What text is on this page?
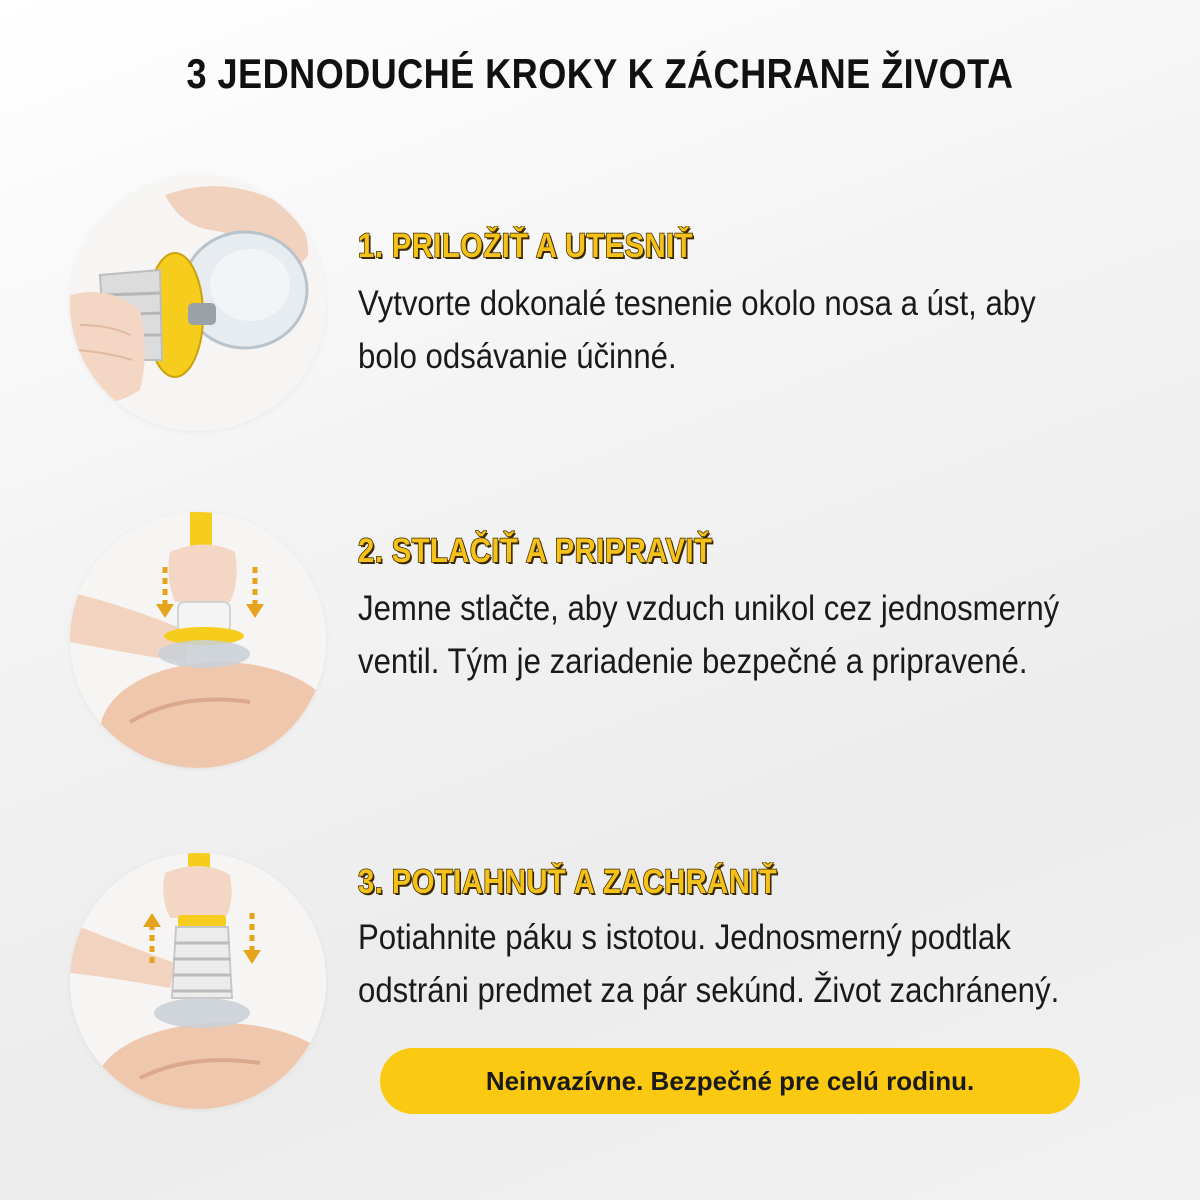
3 JEDNODUCHÉ KROKY K ZÁCHRANE ŽIVOTA
1. PRILOŽIŤ A UTESNIŤ

Vytvorte dokonalé tesnenie okolo nosa a úst, aby bolo odsávanie účinné.

2. STLAČIŤ A PRIPRAVIŤ

Jemne stlačte, aby vzduch unikol cez jednosmerný ventil. Tým je zariadenie bezpečné a pripravené.

3. POTIAHNUŤ A ZACHRÁNIŤ

Potiahnite páku s istotou. Jednosmerný podtlak odstráni predmet za pár sekúnd. Život zachránený.

Neinvazívne. Bezpečné pre celú rodinu.
